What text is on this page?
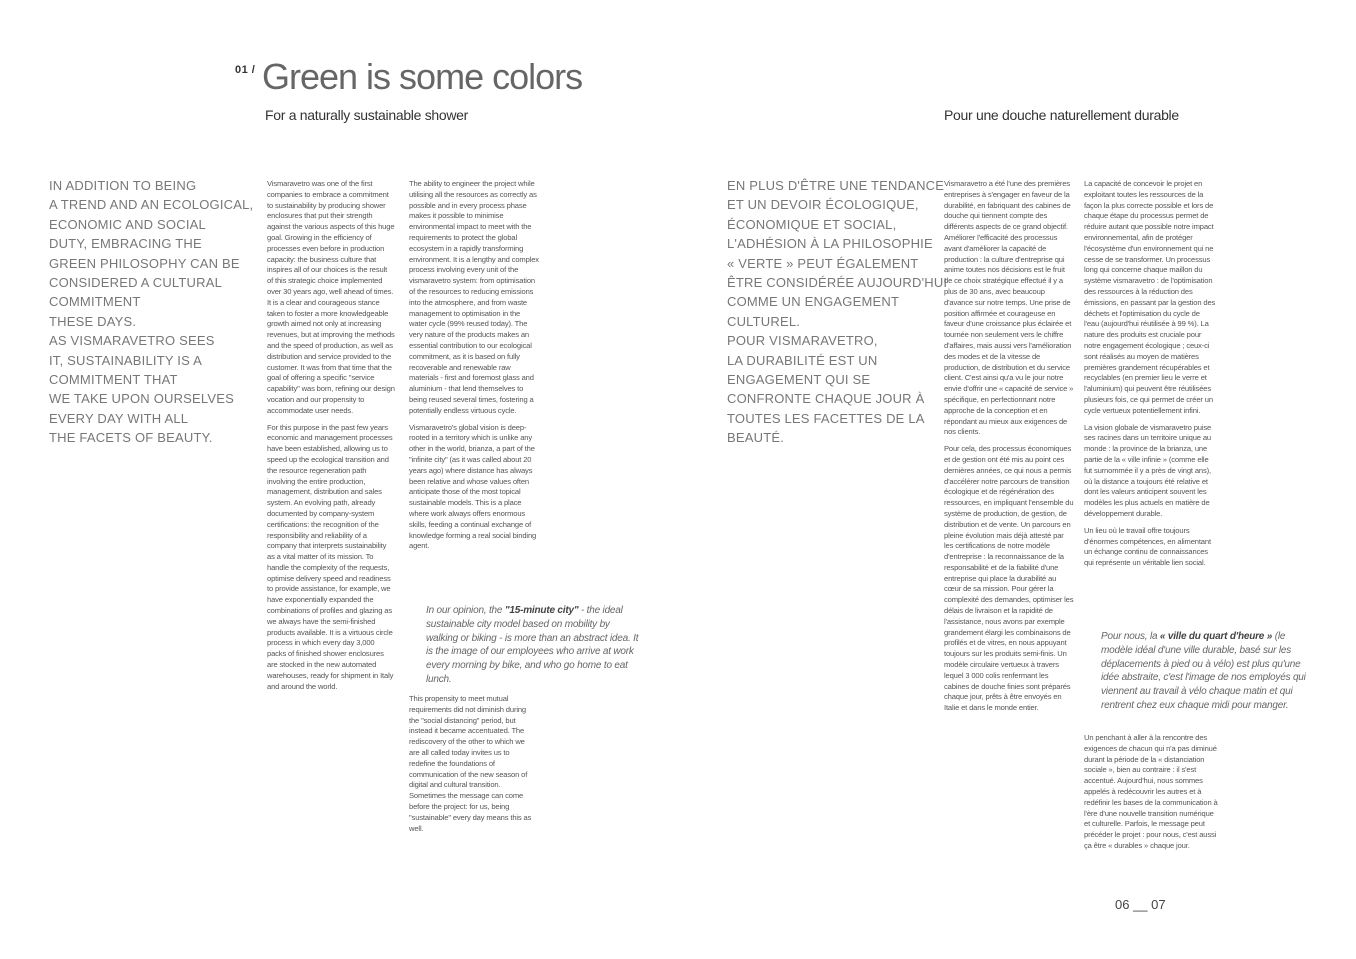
01 / Green is some colors
For a naturally sustainable shower	Pour une douche naturellement durable
IN ADDITION TO BEING
A TREND AND AN ECOLOGICAL,
ECONOMIC AND SOCIAL
DUTY, EMBRACING THE
GREEN PHILOSOPHY CAN BE
CONSIDERED A CULTURAL
COMMITMENT
THESE DAYS.
AS VISMARAVETRO SEES
IT, SUSTAINABILITY IS A
COMMITMENT THAT
WE TAKE UPON OURSELVES
EVERY DAY WITH ALL
THE FACETS OF BEAUTY.
EN PLUS D'ÊTRE UNE TENDANCE
ET UN DEVOIR ÉCOLOGIQUE,
ÉCONOMIQUE ET SOCIAL,
L'ADHÉSION À LA PHILOSOPHIE
« VERTE » PEUT ÉGALEMENT
ÊTRE CONSIDÉRÉE AUJOURD'HUI
COMME UN ENGAGEMENT
CULTUREL.
POUR VISMARAVETRO,
LA DURABILITÉ EST UN
ENGAGEMENT QUI SE
CONFRONTE CHAQUE JOUR À
TOUTES LES FACETTES DE LA
BEAUTÉ.

Vismaravetro was one of the first companies to embrace a commitment to sustainability by producing shower enclosures that put their strength against the various aspects of this huge goal. Growing in the efficiency of processes even before in production capacity: the business culture that inspires all of our choices is the result of this strategic choice implemented over 30 years ago, well ahead of times. It is a clear and courageous stance taken to foster a more knowledgeable growth aimed not only at increasing revenues, but at improving the methods and the speed of production, as well as distribution and service provided to the customer. It was from that time that the goal of offering a specific "service capability" was born, refining our design vocation and our propensity to accommodate user needs.

For this purpose in the past few years economic and management processes have been established, allowing us to speed up the ecological transition and the resource regeneration path involving the entire production, management, distribution and sales system. An evolving path, already documented by company-system certifications: the recognition of the responsibility and reliability of a company that interprets sustainability as a vital matter of its mission. To handle the complexity of the requests, optimise delivery speed and readiness to provide assistance, for example, we have exponentially expanded the combinations of profiles and glazing as we always have the semi-finished products available. It is a virtuous circle process in which every day 3,000 packs of finished shower enclosures are stocked in the new automated warehouses, ready for shipment in Italy and around the world.

The ability to engineer the project while utilising all the resources as correctly as possible and in every process phase makes it possible to minimise environmental impact to meet with the requirements to protect the global ecosystem in a rapidly transforming environment. It is a lengthy and complex process involving every unit of the vismaravetro system: from optimisation of the resources to reducing emissions into the atmosphere, and from waste management to optimisation in the water cycle (99% reused today). The very nature of the products makes an essential contribution to our ecological commitment, as it is based on fully recoverable and renewable raw materials - first and foremost glass and aluminium - that lend themselves to being reused several times, fostering a potentially endless virtuous cycle.

Vismaravetro's global vision is deep-rooted in a territory which is unlike any other in the world, brianza, a part of the "infinite city" (as it was called about 20 years ago) where distance has always been relative and whose values often anticipate those of the most topical sustainable models. This is a place where work always offers enormous skills, feeding a continual exchange of knowledge forming a real social binding agent.

In our opinion, the "15-minute city" - the ideal sustainable city model based on mobility by walking or biking - is more than an abstract idea. It is the image of our employees who arrive at work every morning by bike, and who go home to eat lunch.
This propensity to meet mutual requirements did not diminish during the "social distancing" period, but instead it became accentuated. The rediscovery of the other to which we are all called today invites us to redefine the foundations of communication of the new season of digital and cultural transition. Sometimes the message can come before the project: for us, being "sustainable" every day means this as well.

Vismaravetro a été l'une des premières entreprises à s'engager en faveur de la durabilité, en fabriquant des cabines de douche qui tiennent compte des différents aspects de ce grand objectif. Améliorer l'efficacité des processus avant d'améliorer la capacité de production : la culture d'entreprise qui anime toutes nos décisions est le fruit de ce choix stratégique effectué il y a plus de 30 ans, avec beaucoup d'avance sur notre temps. Une prise de position affirmée et courageuse en faveur d'une croissance plus éclairée et tournée non seulement vers le chiffre d'affaires, mais aussi vers l'amélioration des modes et de la vitesse de production, de distribution et du service client. C'est ainsi qu'a vu le jour notre envie d'offrir une « capacité de service » spécifique, en perfectionnant notre approche de la conception et en répondant au mieux aux exigences de nos clients.

Pour cela, des processus économiques et de gestion ont été mis au point ces dernières années, ce qui nous a permis d'accélérer notre parcours de transition écologique et de régénération des ressources, en impliquant l'ensemble du système de production, de gestion, de distribution et de vente. Un parcours en pleine évolution mais déjà attesté par les certifications de notre modèle d'entreprise : la reconnaissance de la responsabilité et de la fiabilité d'une entreprise qui place la durabilité au cœur de sa mission. Pour gérer la complexité des demandes, optimiser les délais de livraison et la rapidité de l'assistance, nous avons par exemple grandement élargi les combinaisons de profilés et de vitres, en nous appuyant toujours sur les produits semi-finis. Un modèle circulaire vertueux à travers lequel 3 000 colis renfermant les cabines de douche finies sont préparés chaque jour, prêts à être envoyés en Italie et dans le monde entier.

La capacité de concevoir le projet en exploitant toutes les ressources de la façon la plus correcte possible et lors de chaque étape du processus permet de réduire autant que possible notre impact environnemental, afin de protéger l'écosystème d'un environnement qui ne cesse de se transformer. Un processus long qui concerne chaque maillon du système vismaravetro : de l'optimisation des ressources à la réduction des émissions, en passant par la gestion des déchets et l'optimisation du cycle de l'eau (aujourd'hui réutilisée à 99 %). La nature des produits est cruciale pour notre engagement écologique ; ceux-ci sont réalisés au moyen de matières premières grandement récupérables et recyclables (en premier lieu le verre et l'aluminium) qui peuvent être réutilisées plusieurs fois, ce qui permet de créer un cycle vertueux potentiellement infini.

La vision globale de vismaravetro puise ses racines dans un territoire unique au monde : la province de la brianza, une partie de la « ville infinie » (comme elle fut surnommée il y a près de vingt ans), où la distance a toujours été relative et dont les valeurs anticipent souvent les modèles les plus actuels en matière de développement durable.

Un lieu où le travail offre toujours d'énormes compétences, en alimentant un échange continu de connaissances qui représente un véritable lien social.

Pour nous, la « ville du quart d'heure » (le modèle idéal d'une ville durable, basé sur les déplacements à pied ou à vélo) est plus qu'une idée abstraite, c'est l'image de nos employés qui viennent au travail à vélo chaque matin et qui rentrent chez eux chaque midi pour manger.
Un penchant à aller à la rencontre des exigences de chacun qui n'a pas diminué durant la période de la « distanciation sociale », bien au contraire : il s'est accentué. Aujourd'hui, nous sommes appelés à redécouvrir les autres et à redéfinir les bases de la communication à l'ère d'une nouvelle transition numérique et culturelle. Parfois, le message peut précéder le projet : pour nous, c'est aussi ça être « durables » chaque jour.
06 __ 07
